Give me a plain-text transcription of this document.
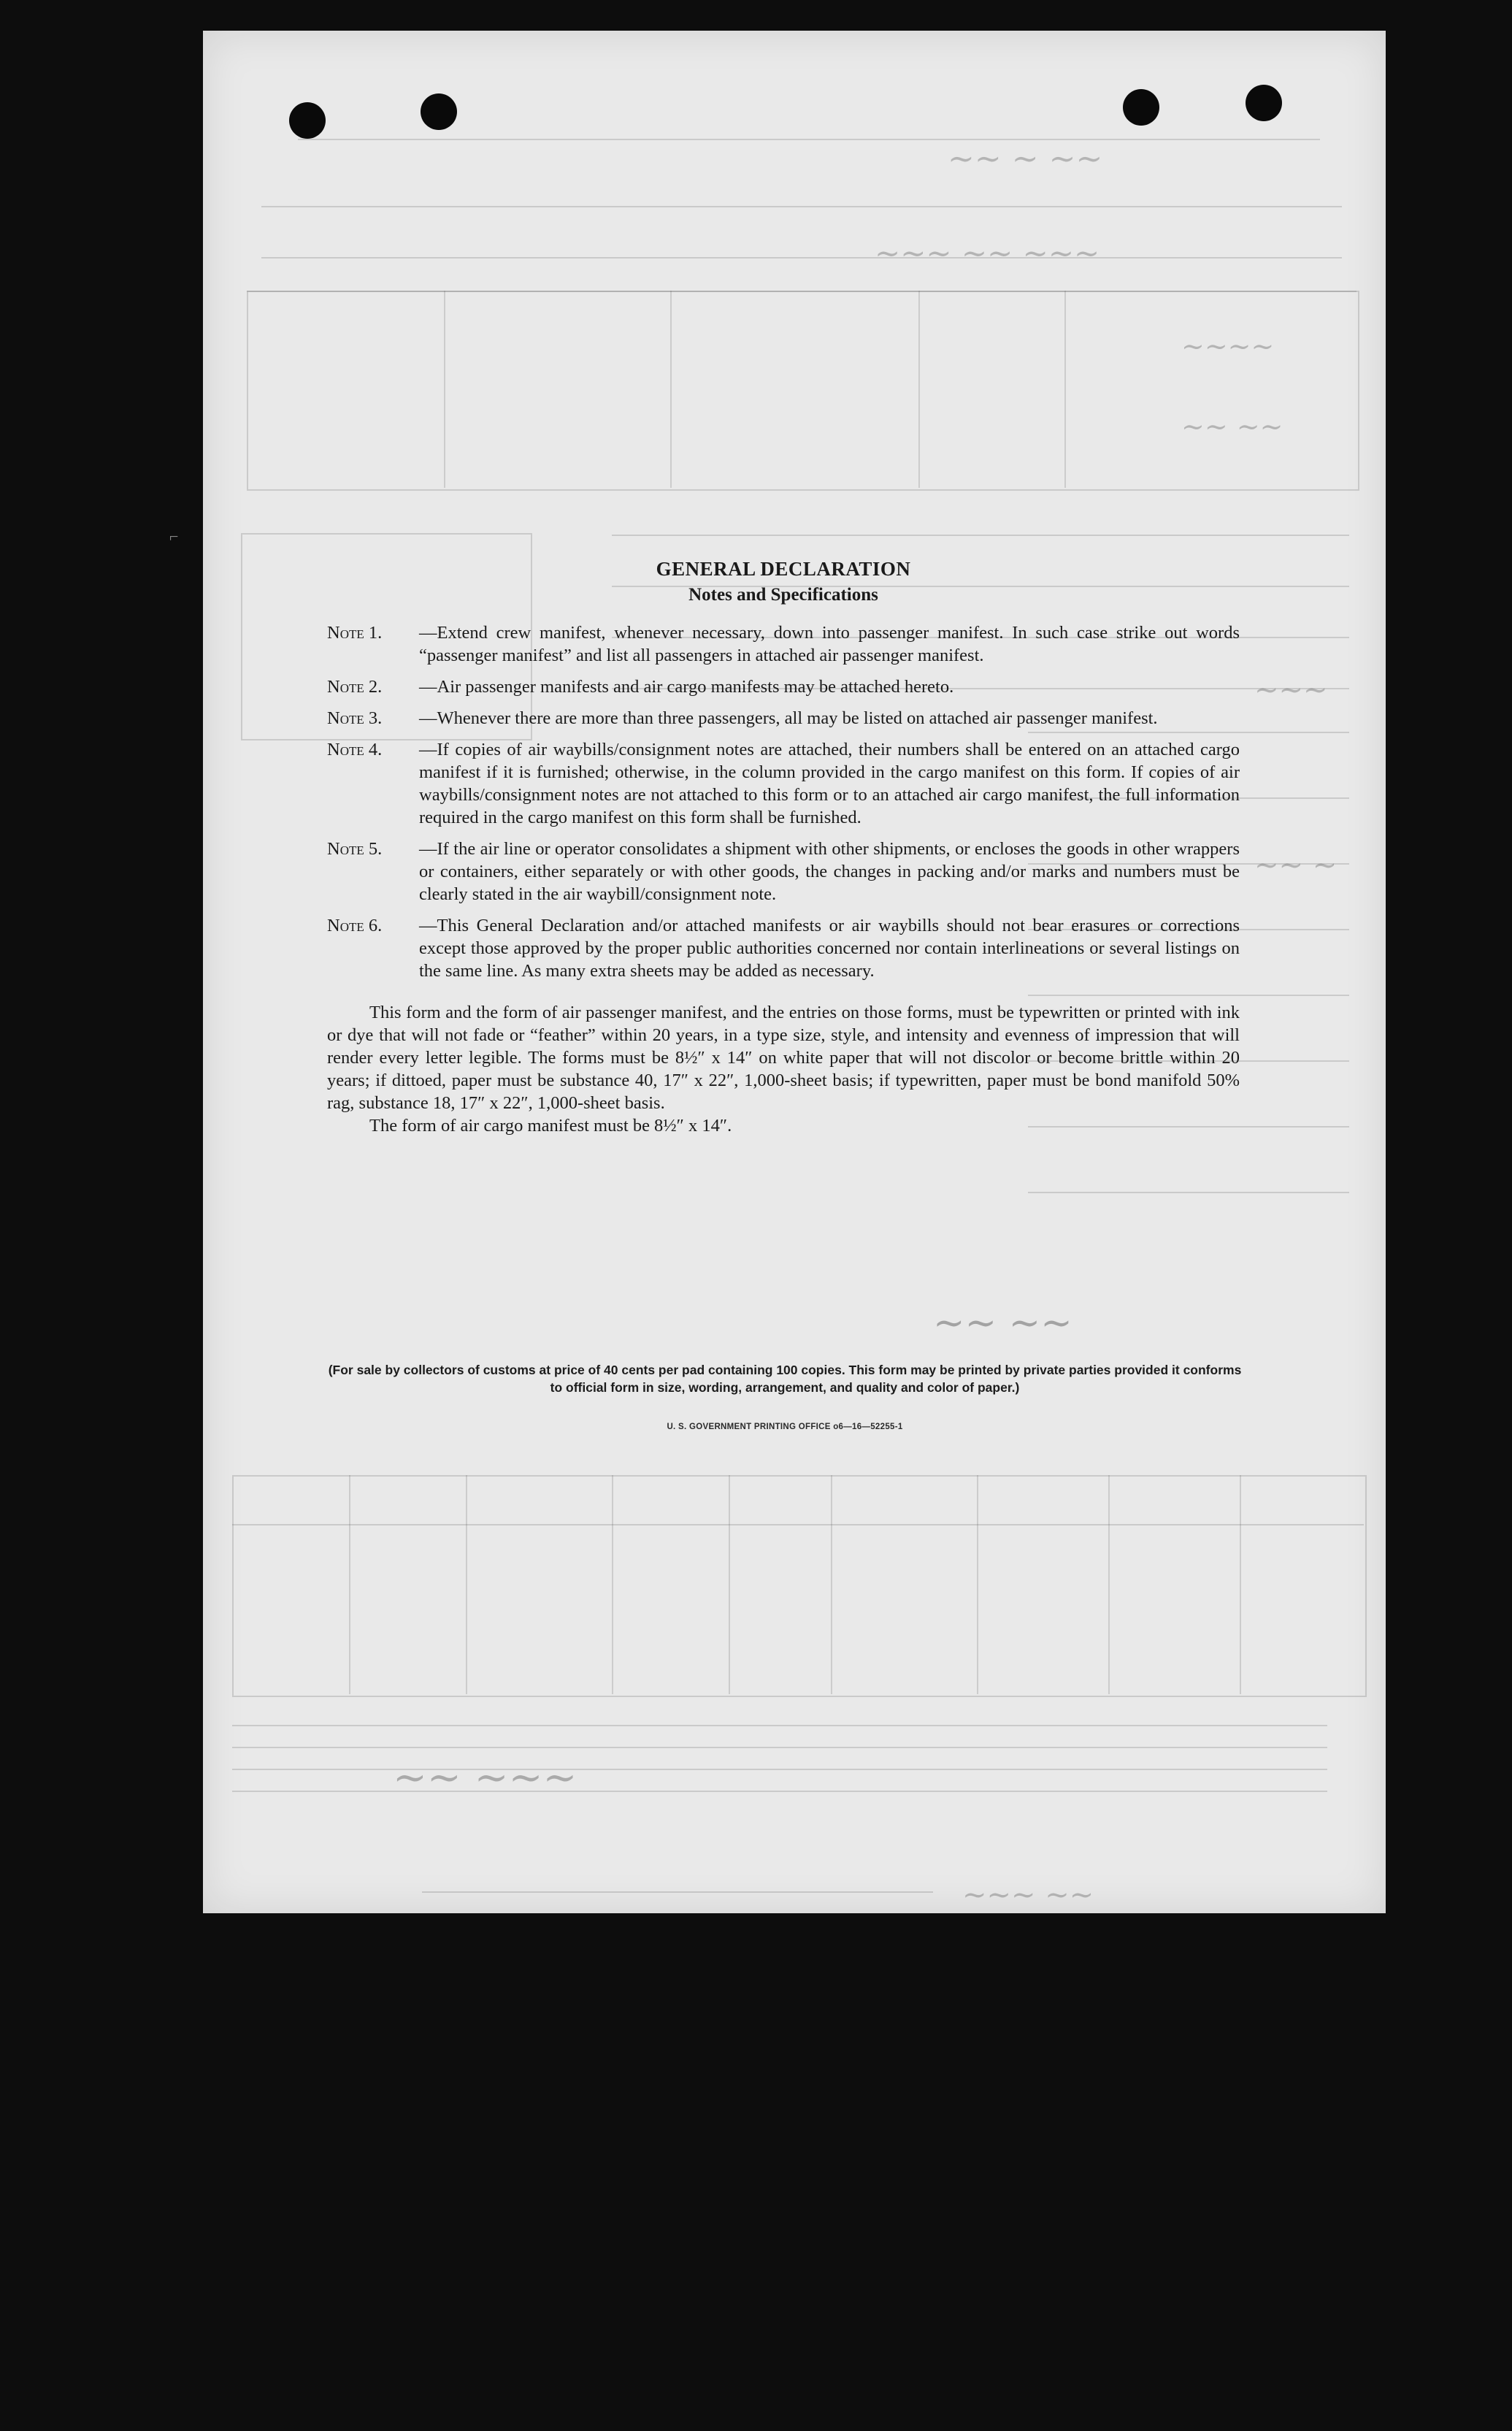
~~ ~ ~~
~~~ ~~ ~~~
~~~~
~~ ~~
~~~
~~ ~
~~ ~~
~~ ~~~
~~~ ~~
GENERAL DECLARATION
Notes and Specifications
Note 1.	—Extend crew manifest, whenever necessary, down into passenger manifest. In such case strike out words “passenger manifest” and list all passengers in attached air passenger manifest.
Note 2.	—Air passenger manifests and air cargo manifests may be attached hereto.
Note 3.	—Whenever there are more than three passengers, all may be listed on attached air passenger manifest.
Note 4.	—If copies of air waybills/consignment notes are attached, their numbers shall be entered on an attached cargo manifest if it is furnished; otherwise, in the column provided in the cargo manifest on this form. If copies of air waybills/consignment notes are not attached to this form or to an attached air cargo manifest, the full information required in the cargo manifest on this form shall be furnished.
Note 5.	—If the air line or operator consolidates a shipment with other shipments, or encloses the goods in other wrappers or containers, either separately or with other goods, the changes in packing and/or marks and numbers must be clearly stated in the air waybill/consignment note.
Note 6.	—This General Declaration and/or attached manifests or air waybills should not bear erasures or corrections except those approved by the proper public authorities concerned nor contain interlineations or several listings on the same line. As many extra sheets may be added as necessary.
This form and the form of air passenger manifest, and the entries on those forms, must be typewritten or printed with ink or dye that will not fade or “feather” within 20 years, in a type size, style, and intensity and evenness of impression that will render every letter legible. The forms must be 8½″ x 14″ on white paper that will not discolor or become brittle within 20 years; if dittoed, paper must be substance 40, 17″ x 22″, 1,000-sheet basis; if typewritten, paper must be bond manifold 50% rag, substance 18, 17″ x 22″, 1,000-sheet basis.
The form of air cargo manifest must be 8½″ x 14″.
(For sale by collectors of customs at price of 40 cents per pad containing 100 copies. This form may be printed by private parties provided it conforms to official form in size, wording, arrangement, and quality and color of paper.)
U. S. GOVERNMENT PRINTING OFFICE o6—16—52255-1
⌐
